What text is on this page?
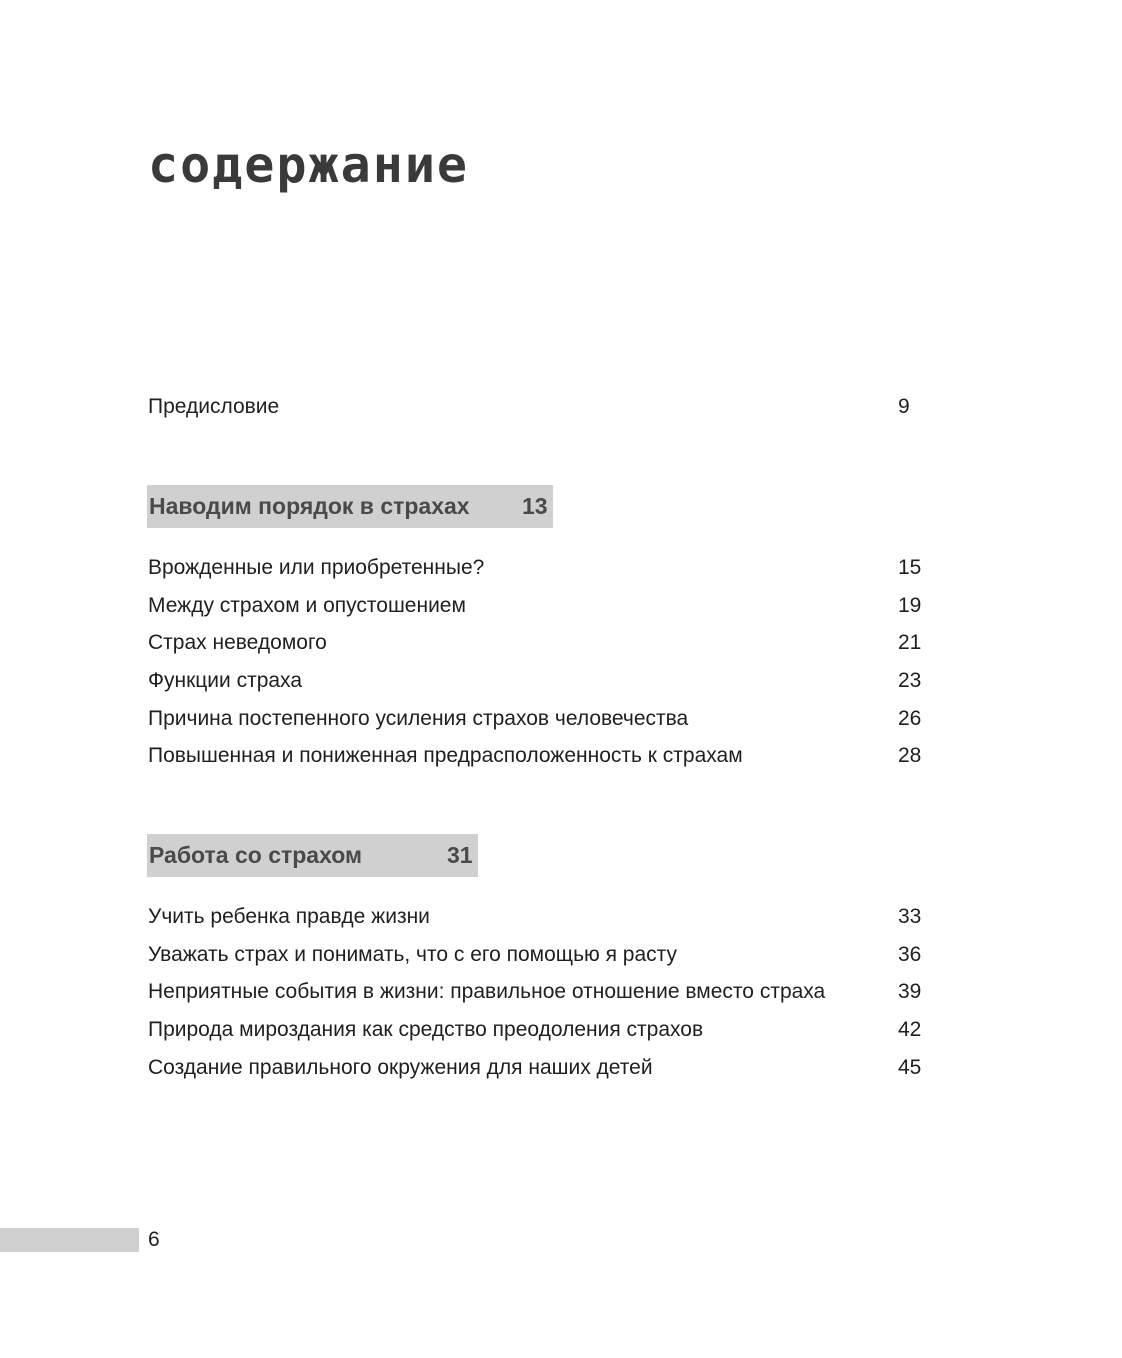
содержание
Предисловие	9
Наводим порядок в страхах 13
Врожденные или приобретенные?	15
Между страхом и опустошением	19
Страх неведомого	21
Функции страха	23
Причина постепенного усиления страхов человечества	26
Повышенная и пониженная предрасположенность к страхам	28
Работа со страхом	31
Учить ребенка правде жизни	33
Уважать страх и понимать, что с его помощью я расту	36
Неприятные события в жизни: правильное отношение вместо страха	39
Природа мироздания как средство преодоления страхов	42
Создание правильного окружения для наших детей	45
6
